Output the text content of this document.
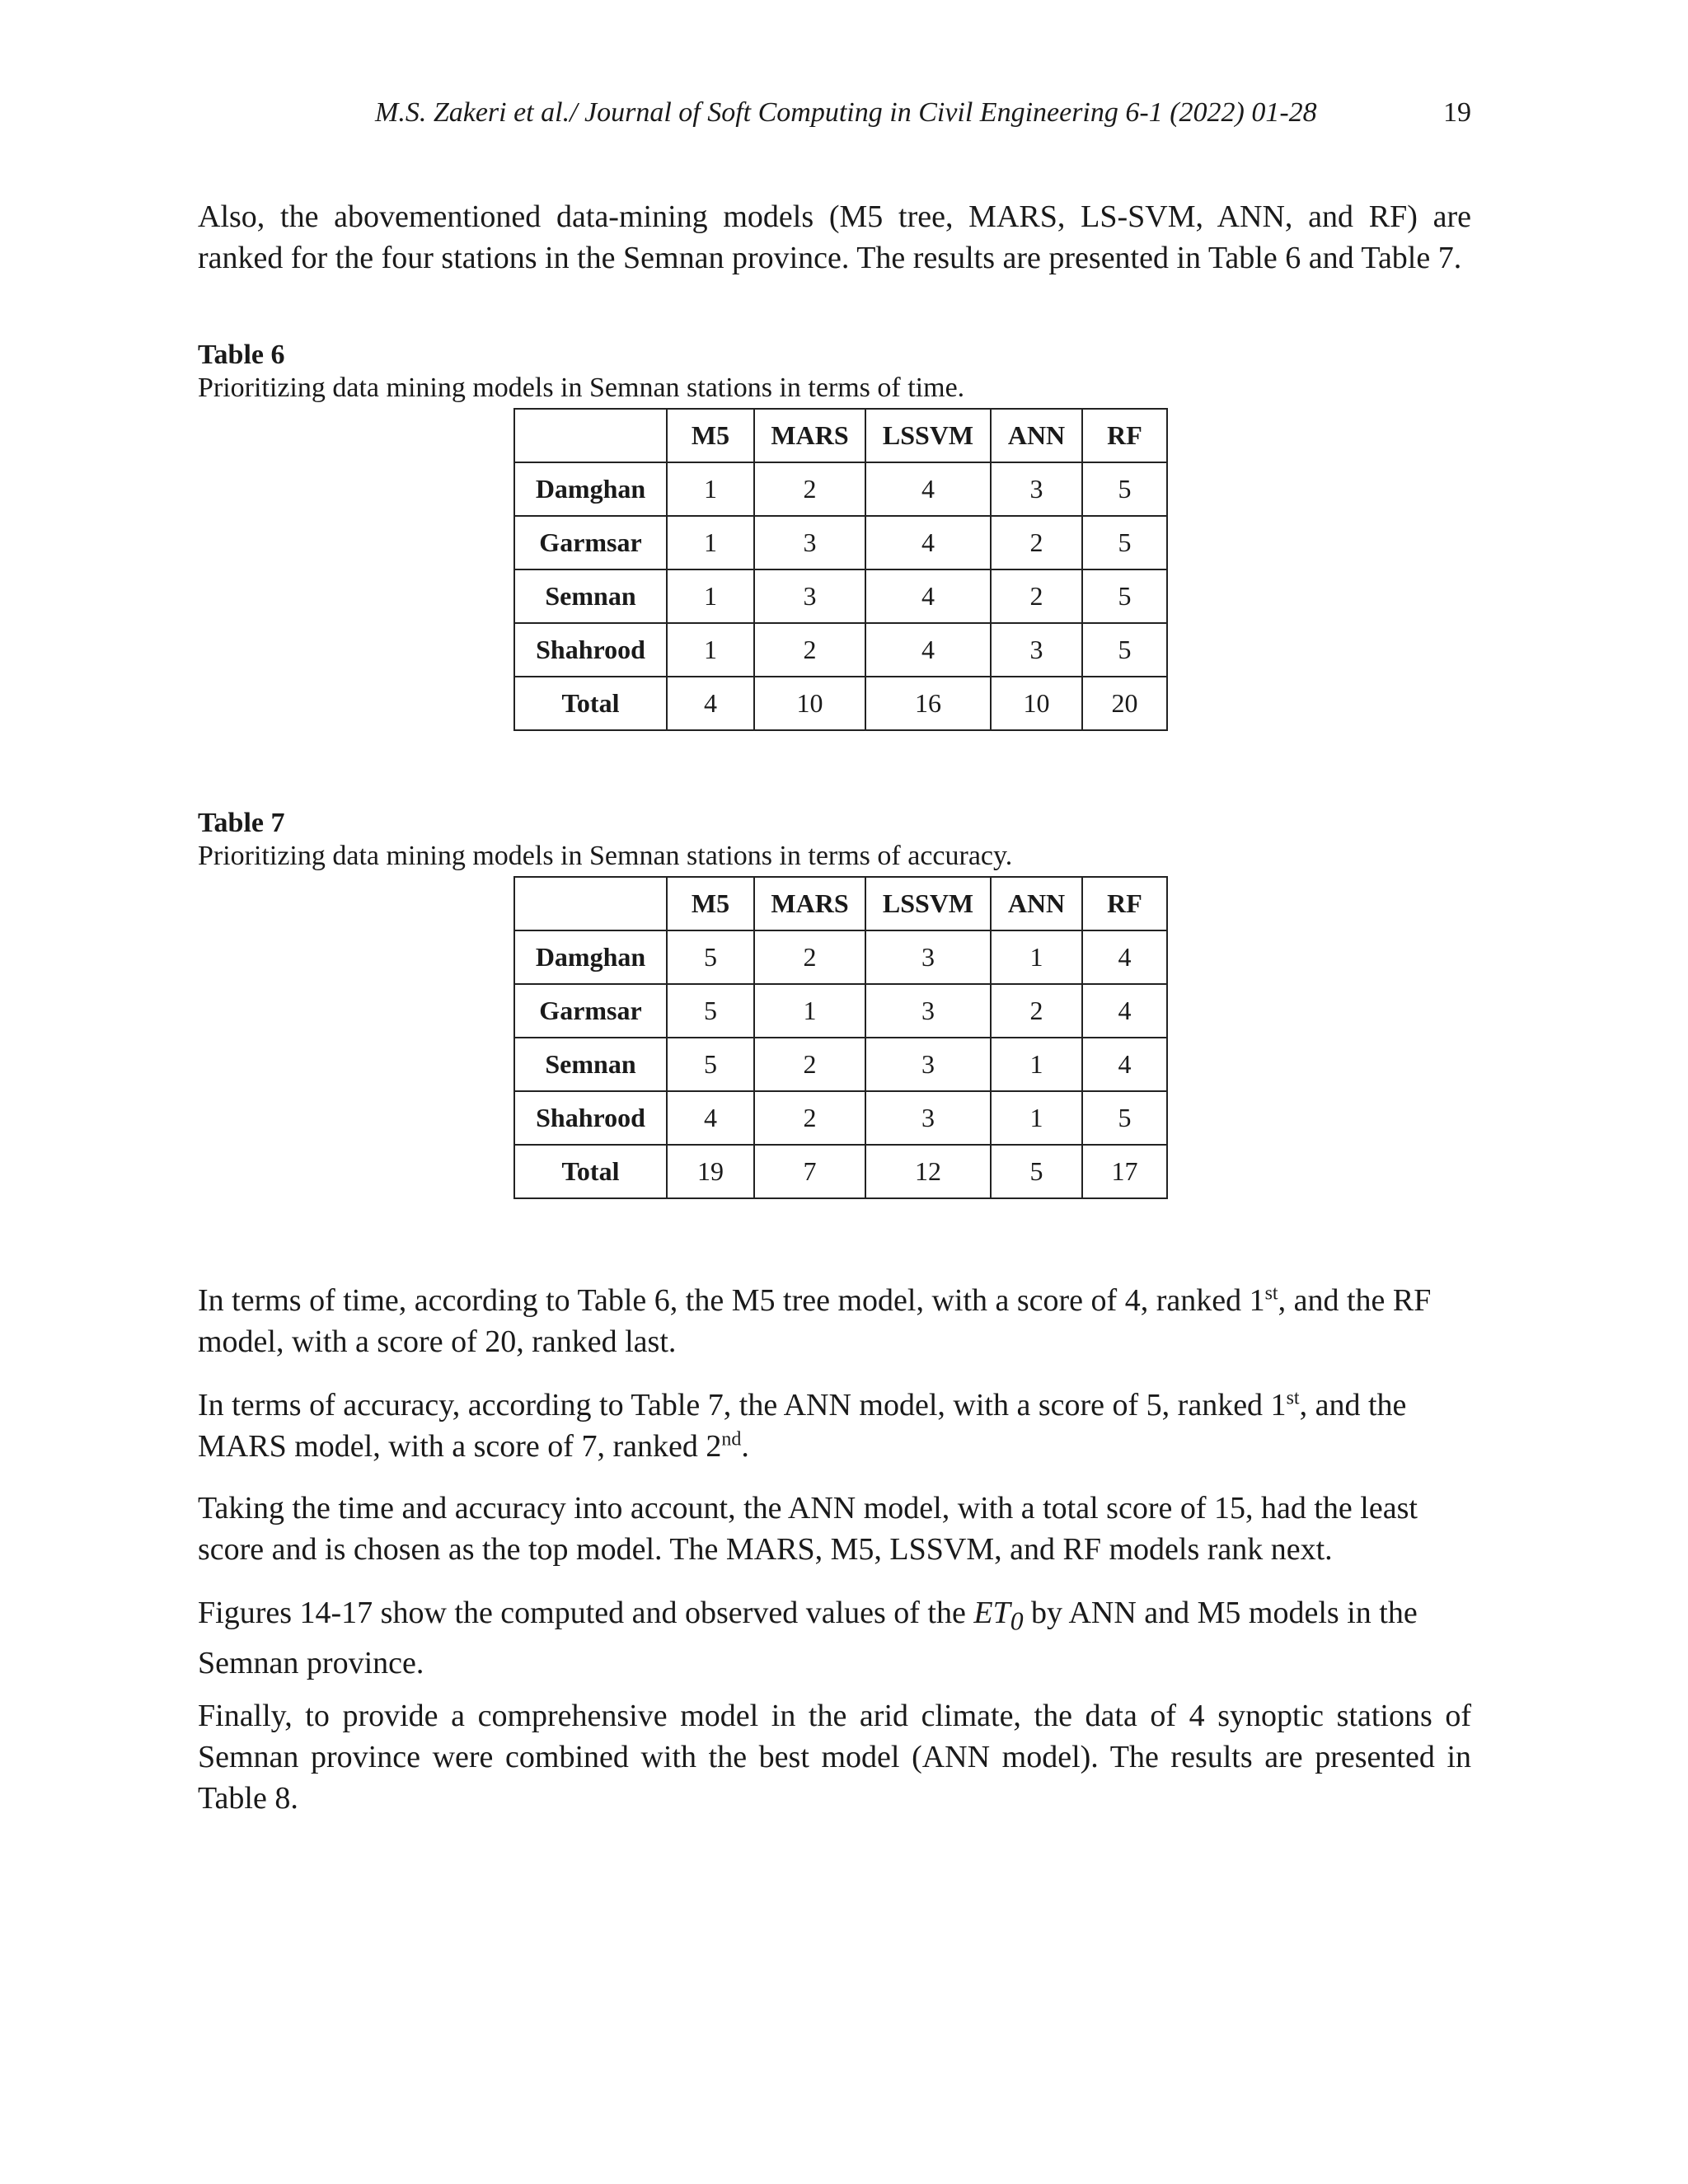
M.S. Zakeri et al./ Journal of Soft Computing in Civil Engineering 6-1 (2022) 01-28	19

Also, the abovementioned data-mining models (M5 tree, MARS, LS-SVM, ANN, and RF) are ranked for the four stations in the Semnan province. The results are presented in Table 6 and Table 7.

Table 6
Prioritizing data mining models in Semnan stations in terms of time.
	M5	MARS	LSSVM	ANN	RF
Damghan	1	2	4	3	5
Garmsar	1	3	4	2	5
Semnan	1	3	4	2	5
Shahrood	1	2	4	3	5
Total	4	10	16	10	20
Table 7
Prioritizing data mining models in Semnan stations in terms of accuracy.
	M5	MARS	LSSVM	ANN	RF
Damghan	5	2	3	1	4
Garmsar	5	1	3	2	4
Semnan	5	2	3	1	4
Shahrood	4	2	3	1	5
Total	19	7	12	5	17

In terms of time, according to Table 6, the M5 tree model, with a score of 4, ranked 1st, and the RF model, with a score of 20, ranked last.

In terms of accuracy, according to Table 7, the ANN model, with a score of 5, ranked 1st, and the MARS model, with a score of 7, ranked 2nd.

Taking the time and accuracy into account, the ANN model, with a total score of 15, had the least score and is chosen as the top model. The MARS, M5, LSSVM, and RF models rank next.

Figures 14-17 show the computed and observed values of the $ET_0$ by ANN and M5 models in the Semnan province.

Finally, to provide a comprehensive model in the arid climate, the data of 4 synoptic stations of Semnan province were combined with the best model (ANN model). The results are presented in Table 8.
